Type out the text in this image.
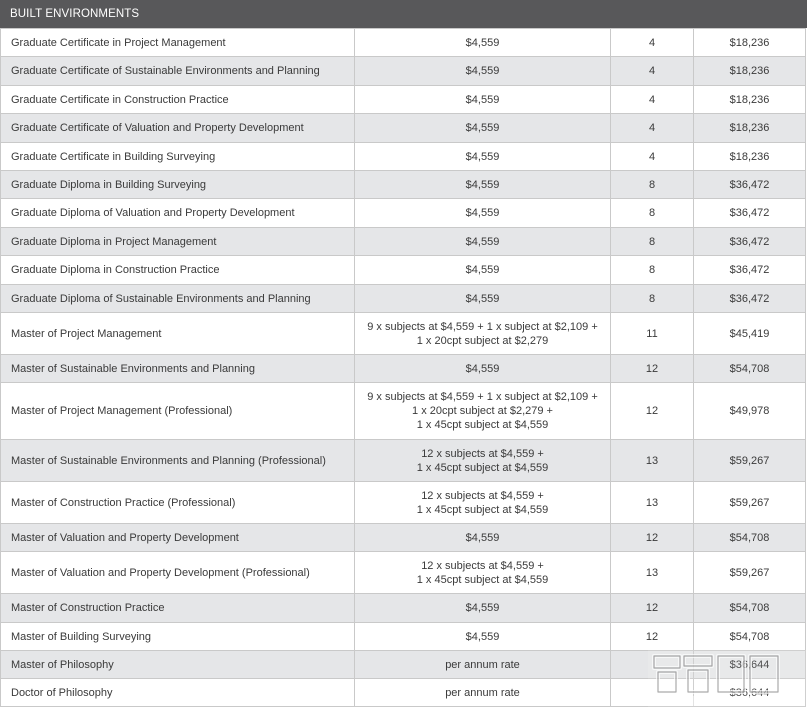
BUILT ENVIRONMENTS
Graduate Certificate in Project Management	$4,559	4	$18,236
Graduate Certificate of Sustainable Environments and Planning	$4,559	4	$18,236
Graduate Certificate in Construction Practice	$4,559	4	$18,236
Graduate Certificate of Valuation and Property Development	$4,559	4	$18,236
Graduate Certificate in Building Surveying	$4,559	4	$18,236
Graduate Diploma in Building Surveying	$4,559	8	$36,472
Graduate Diploma of Valuation and Property Development	$4,559	8	$36,472
Graduate Diploma in Project Management	$4,559	8	$36,472
Graduate Diploma in Construction Practice	$4,559	8	$36,472
Graduate Diploma of Sustainable Environments and Planning	$4,559	8	$36,472
Master of Project Management	9 x subjects at $4,559 + 1 x subject at $2,109 +
1 x 20cpt subject at $2,279	11	$45,419
Master of Sustainable Environments and Planning	$4,559	12	$54,708
Master of Project Management (Professional)	9 x subjects at $4,559 + 1 x subject at $2,109 +
1 x 20cpt subject at $2,279 +
1 x 45cpt subject at $4,559	12	$49,978
Master of Sustainable Environments and Planning (Professional)	12 x subjects at $4,559 +
1 x 45cpt subject at $4,559	13	$59,267
Master of Construction Practice (Professional)	12 x subjects at $4,559 +
1 x 45cpt subject at $4,559	13	$59,267
Master of Valuation and Property Development	$4,559	12	$54,708
Master of Valuation and Property Development (Professional)	12 x subjects at $4,559 +
1 x 45cpt subject at $4,559	13	$59,267
Master of Construction Practice	$4,559	12	$54,708
Master of Building Surveying	$4,559	12	$54,708
Master of Philosophy	per annum rate		$36,644
Doctor of Philosophy	per annum rate		$36,644
